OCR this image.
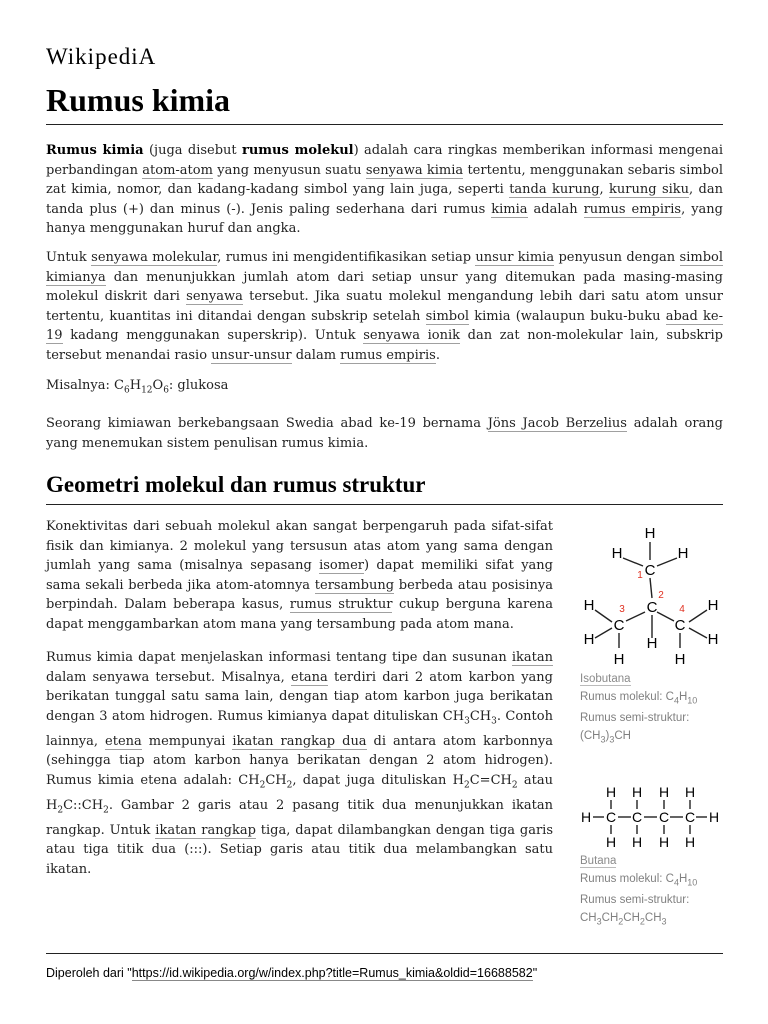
WikipediA
Rumus kimia

Rumus kimia (juga disebut rumus molekul) adalah cara ringkas memberikan informasi mengenai perbandingan atom-atom yang menyusun suatu senyawa kimia tertentu, menggunakan sebaris simbol zat kimia, nomor, dan kadang-kadang simbol yang lain juga, seperti tanda kurung, kurung siku, dan tanda plus (+) dan minus (-). Jenis paling sederhana dari rumus kimia adalah rumus empiris, yang hanya menggunakan huruf dan angka.

Untuk senyawa molekular, rumus ini mengidentifikasikan setiap unsur kimia penyusun dengan simbol kimianya dan menunjukkan jumlah atom dari setiap unsur yang ditemukan pada masing-masing molekul diskrit dari senyawa tersebut. Jika suatu molekul mengandung lebih dari satu atom unsur tertentu, kuantitas ini ditandai dengan subskrip setelah simbol kimia (walaupun buku-buku abad ke-19 kadang menggunakan superskrip). Untuk senyawa ionik dan zat non-molekular lain, subskrip tersebut menandai rasio unsur-unsur dalam rumus empiris.

Misalnya: $C_6H_{12}O_6$: glukosa

Seorang kimiawan berkebangsaan Swedia abad ke-19 bernama Jöns Jacob Berzelius adalah orang yang menemukan sistem penulisan rumus kimia.

Geometri molekul dan rumus struktur

Konektivitas dari sebuah molekul akan sangat berpengaruh pada sifat-sifat fisik dan kimianya. 2 molekul yang tersusun atas atom yang sama dengan jumlah yang sama (misalnya sepasang isomer) dapat memiliki sifat yang sama sekali berbeda jika atom-atomnya tersambung berbeda atau posisinya berpindah. Dalam beberapa kasus, rumus struktur cukup berguna karena dapat menggambarkan atom mana yang tersambung pada atom mana.

Rumus kimia dapat menjelaskan informasi tentang tipe dan susunan ikatan dalam senyawa tersebut. Misalnya, etana terdiri dari 2 atom karbon yang berikatan tunggal satu sama lain, dengan tiap atom karbon juga berikatan dengan 3 atom hidrogen. Rumus kimianya dapat dituliskan $CH_3CH_3$. Contoh lainnya, etena mempunyai ikatan rangkap dua di antara atom karbonnya (sehingga tiap atom karbon hanya berikatan dengan 2 atom hidrogen). Rumus kimia etena adalah: $CH_2CH_2$, dapat juga dituliskan $H_2C=CH_2$ atau $H_2C::CH_2$. Gambar 2 garis atau 2 pasang titik dua menunjukkan ikatan rangkap. Untuk ikatan rangkap tiga, dapat dilambangkan dengan tiga garis atau tiga titik dua (:::). Setiap garis atau titik dua melambangkan satu ikatan.

H
H	H
C
C
C	C
H
H
H
H
H
H
H
1
2
3	4
Isobutana
Rumus molekul: $C_4H_{10}$
Rumus semi-struktur:
$(CH_3)_3CH$
H C C C C H
H H H H
H H H H
Butana
Rumus molekul: $C_4H_{10}$
Rumus semi-struktur:
$CH_3CH_2CH_2CH_3$
Diperoleh dari "https://id.wikipedia.org/w/index.php?title=Rumus_kimia&oldid=16688582"
